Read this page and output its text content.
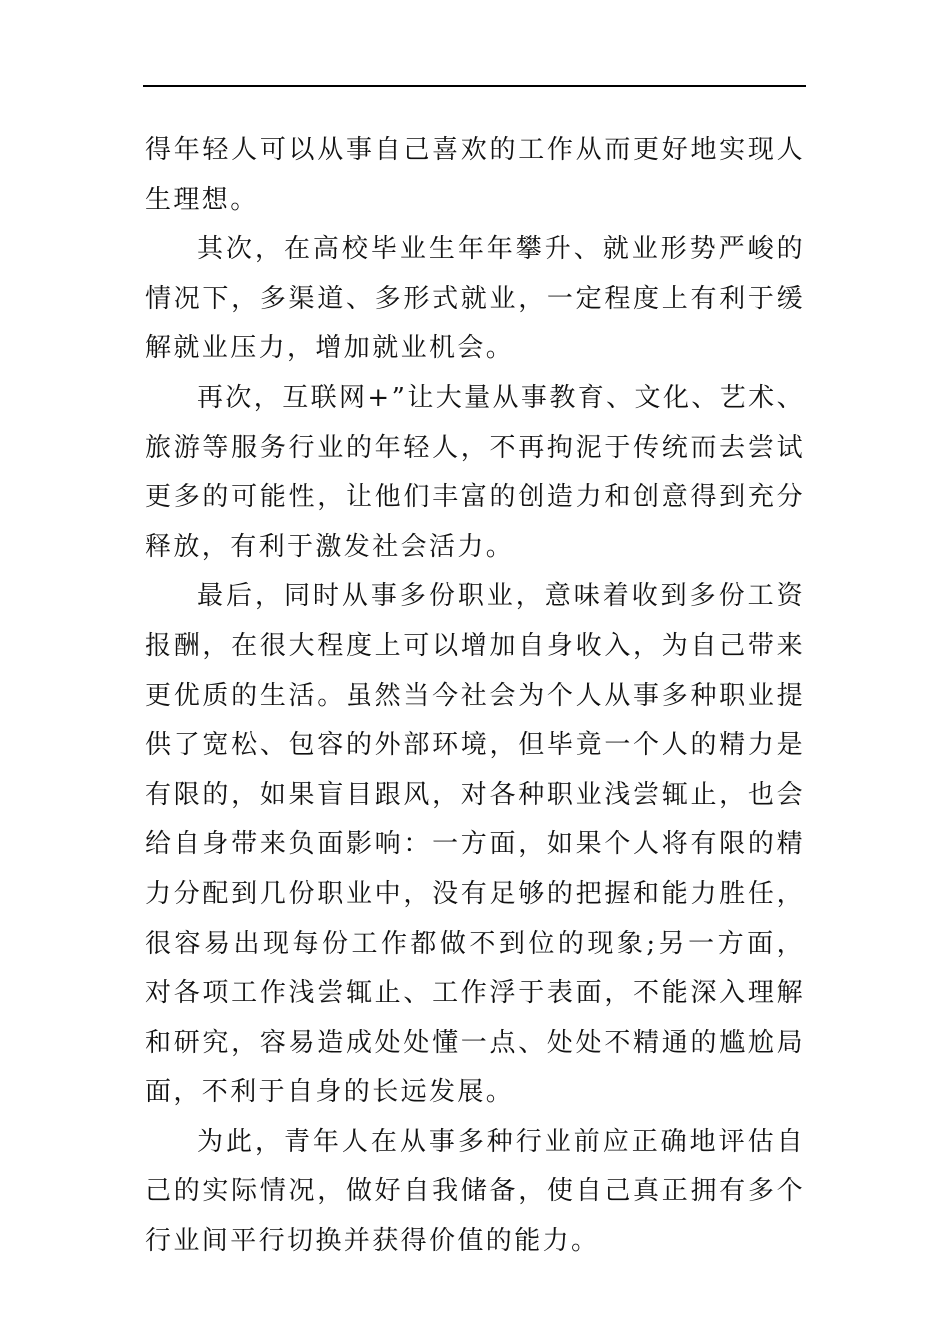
得年轻人可以从事自己喜欢的工作从而更好地实现人生理想。

其次，在高校毕业生年年攀升、就业形势严峻的情况下，多渠道、多形式就业，一定程度上有利于缓解就业压力，增加就业机会。

再次，互联网+”让大量从事教育、文化、艺术、旅游等服务行业的年轻人，不再拘泥于传统而去尝试更多的可能性，让他们丰富的创造力和创意得到充分释放，有利于激发社会活力。

最后，同时从事多份职业，意味着收到多份工资报酬，在很大程度上可以增加自身收入，为自己带来更优质的生活。虽然当今社会为个人从事多种职业提供了宽松、包容的外部环境，但毕竟一个人的精力是有限的，如果盲目跟风，对各种职业浅尝辄止，也会给自身带来负面影响：一方面，如果个人将有限的精力分配到几份职业中，没有足够的把握和能力胜任，很容易出现每份工作都做不到位的现象;另一方面，对各项工作浅尝辄止、工作浮于表面，不能深入理解和研究，容易造成处处懂一点、处处不精通的尴尬局面，不利于自身的长远发展。

为此，青年人在从事多种行业前应正确地评估自己的实际情况，做好自我储备，使自己真正拥有多个行业间平行切换并获得价值的能力。
